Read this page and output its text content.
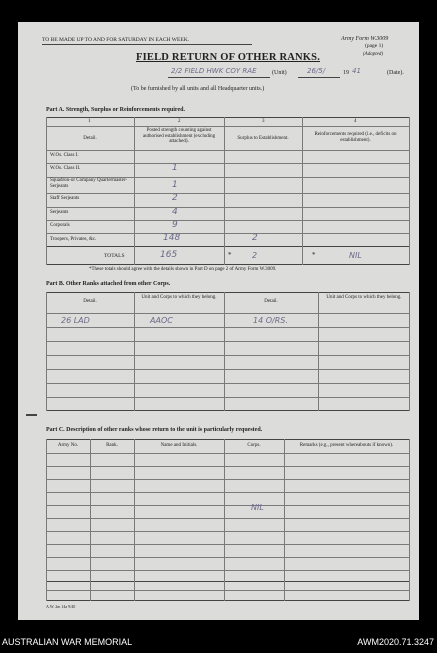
TO BE MADE UP TO AND FOR SATURDAY IN EACH WEEK.	Army Form W.3009
(page 1)
(Adapted)
FIELD RETURN OF OTHER RANKS.
2/2 FIELD HWK COY RAE	(Unit)	26/5/	19 41	(Date).
(To be furnished by all units and all Headquarter units.)
Part A. Strength, Surplus or Reinforcements required.
1	2	3	4
Detail.
Posted strength counting against authorised establishment (excluding attached).
Surplus to Establishment.
Reinforcements required (i.e., deficits on establishment).
W.Os. Class I.
W.Os. Class II.	1
Squadron-or Company Quartermaster-Serjeants	1
Staff Serjeants	2
Serjeants	4
Corporals	9
Troopers, Privates, &c.	148	2
TOTALS	165	*	2	*	NIL
*These totals should agree with the details shown in Part D on page 2 of Army Form W.3009.
Part B. Other Ranks attached from other Corps.
Detail.
Unit and Corps to which they belong.
Detail.
Unit and Corps to which they belong.
26 LAD	AAOC	14 O/RS.
Part C. Description of other ranks whose return to the unit is particularly requested.
Army No.	Rank.	Name and Initials.	Corps.	Remarks (e.g., present whereabouts if known).
NIL
A.W. 2m 14a 9/40
AUSTRALIAN WAR MEMORIAL	AWM2020.71.3247
